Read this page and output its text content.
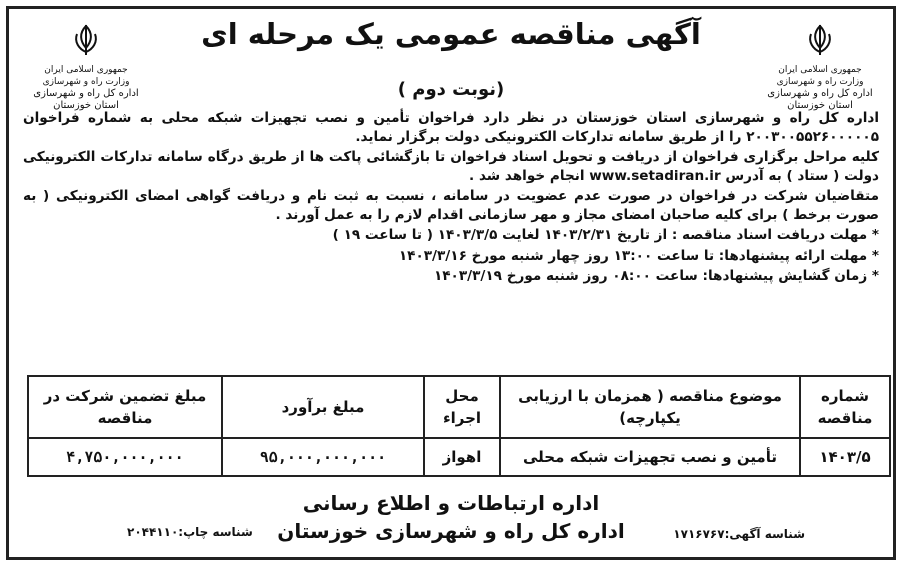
جمهوری اسلامی ایران
وزارت راه و شهرسازی
اداره کل راه و شهرسازی
استان خوزستان
جمهوری اسلامی ایران
وزارت راه و شهرسازی
اداره کل راه و شهرسازی
استان خوزستان
آگهی مناقصه عمومی یک مرحله ای
(نوبت دوم )

اداره کل راه و شهرسازی استان خوزستان در نظر دارد فراخوان تأمین و نصب تجهیزات شبکه محلی به شماره فراخوان ۲۰۰۳۰۰۵۵۲۶۰۰۰۰۰۵ را از طریق سامانه تدارکات الکترونیکی دولت برگزار نماید.

کلیه مراحل برگزاری فراخوان از دریافت و تحویل اسناد فراخوان تا بازگشائی پاکت ها از طریق درگاه سامانه تدارکات الکترونیکی دولت ( ستاد ) به آدرس www.setadiran.ir انجام خواهد شد .

متقاضیان شرکت در فراخوان در صورت عدم عضویت در سامانه ، نسبت به ثبت نام و دریافت گواهی امضای الکترونیکی ( به صورت برخط ) برای کلیه صاحبان امضای مجاز و مهر سازمانی اقدام لازم را به عمل آورند .

* مهلت دریافت اسناد مناقصه : از تاریخ ۱۴۰۳/۲/۳۱ لغایت ۱۴۰۳/۳/۵ ( تا ساعت ۱۹ )

* مهلت ارائه پیشنهادها: تا ساعت ۱۳:۰۰ روز چهار شنبه مورخ ۱۴۰۳/۳/۱۶

* زمان گشایش پیشنهادها: ساعت ۰۸:۰۰ روز شنبه مورخ ۱۴۰۳/۳/۱۹

شماره مناقصه	موضوع مناقصه ( همزمان با ارزیابی یکپارچه)	محل اجراء	مبلغ برآورد	مبلغ تضمین شرکت در مناقصه
۱۴۰۳/۵	تأمین و نصب تجهیزات شبکه محلی	اهواز	۹۵,۰۰۰,۰۰۰,۰۰۰	۴,۷۵۰,۰۰۰,۰۰۰
اداره ارتباطات و اطلاع رسانی
اداره کل راه و شهرسازی خوزستان	شناسه آگهی:۱۷۱۶۷۶۷
شناسه چاپ:۲۰۴۴۱۱۰
